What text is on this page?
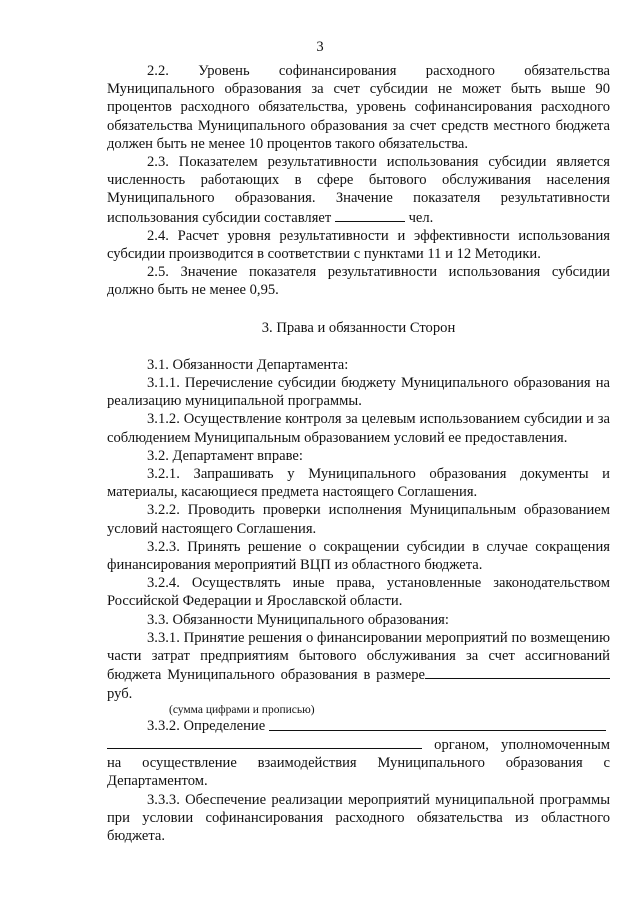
3

2.2. Уровень софинансирования расходного обязательства Муниципального образования за счет субсидии не может быть выше 90 процентов расходного обязательства, уровень софинансирования расходного обязательства Муниципального образования за счет средств местного бюджета должен быть не менее 10 процентов такого обязательства.

2.3. Показателем результативности использования субсидии является численность работающих в сфере бытового обслуживания населения Муниципального образования. Значение показателя результативности использования субсидии составляет	чел.

2.4. Расчет уровня результативности и эффективности использования субсидии производится в соответствии с пунктами 11 и 12 Методики.

2.5. Значение показателя результативности использования субсидии должно быть не менее 0,95.

3. Права и обязанности Сторон

3.1. Обязанности Департамента:

3.1.1. Перечисление субсидии бюджету Муниципального образования на реализацию муниципальной программы.

3.1.2. Осуществление контроля за целевым использованием субсидии и за соблюдением Муниципальным образованием условий ее предоставления.

3.2. Департамент вправе:

3.2.1. Запрашивать у Муниципального образования документы и материалы, касающиеся предмета настоящего Соглашения.

3.2.2. Проводить проверки исполнения Муниципальным образованием условий настоящего Соглашения.

3.2.3. Принять решение о сокращении субсидии в случае сокращения финансирования мероприятий ВЦП из областного бюджета.

3.2.4. Осуществлять иные права, установленные законодательством Российской Федерации и Ярославской области.

3.3. Обязанности Муниципального образования:

3.3.1. Принятие решения о финансировании мероприятий по возмещению части затрат предприятиям бытового обслуживания за счет ассигнований бюджета Муниципального образования в размере руб.

(сумма цифрами и прописью)

3.3.2. Определение
органом, уполномоченным на осуществление взаимодействия Муниципального образования с Департаментом.

3.3.3. Обеспечение реализации мероприятий муниципальной программы при условии софинансирования расходного обязательства из областного бюджета.
